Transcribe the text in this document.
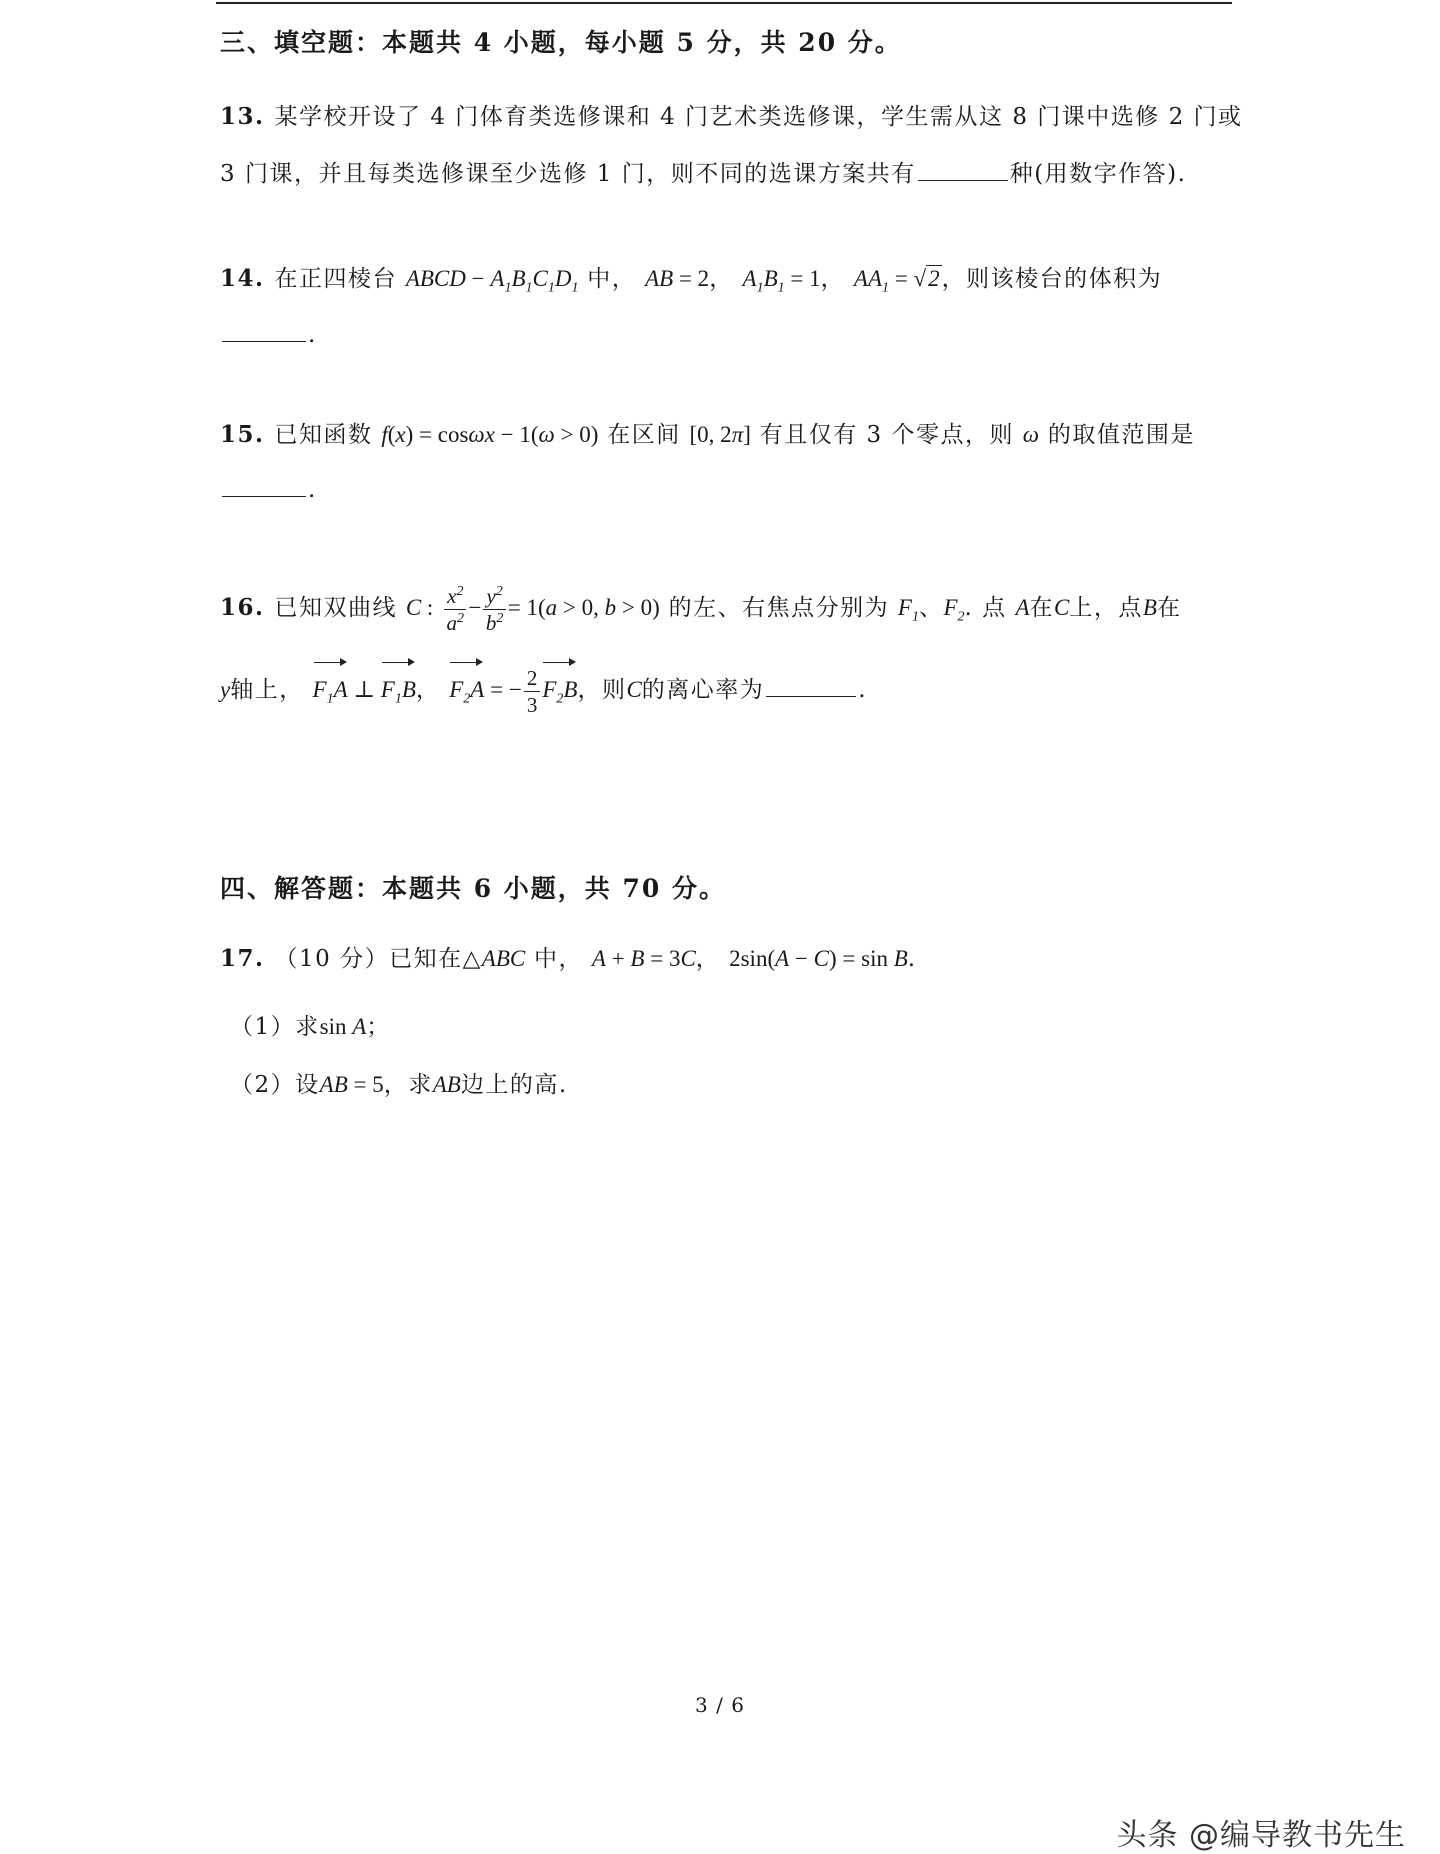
三、填空题：本题共 4 小题，每小题 5 分，共 20 分。
13. 某学校开设了 4 门体育类选修课和 4 门艺术类选修课，学生需从这 8 门课中选修 2 门或
3 门课，并且每类选修课至少选修 1 门，则不同的选课方案共有	种(用数字作答).
14. 在正四棱台 ABCD − $A_1B_1C_1D_1$ 中， AB = 2， $A_1B_1 = 1$， $AA_1 = √2$，则该棱台的体积为
.
15. 已知函数 f(x) = cosωx − 1(ω > 0) 在区间 [0, 2π] 有且仅有 3 个零点，则 ω 的取值范围是
.
16. 已知双曲线 C : $\frac{x^2}{a^2} - \frac{y^2}{b^2} = 1(a > 0$, b > 0) 的左、右焦点分别为 $F_1$、$F_2$. 点 A在C上，点B在
y轴上， $F_1A$ ⊥ $F_1B$， $F_2A$ = − $\frac{2}{3} F_2B$，则C的离心率为	.
四、解答题：本题共 6 小题，共 70 分。
17. （10 分）已知在△ABC 中， A + B = 3C， 2sin(A − C) = sin B.
（1）求sin A；
（2）设AB = 5，求AB边上的高.
3 / 6
头条 @编导教书先生
